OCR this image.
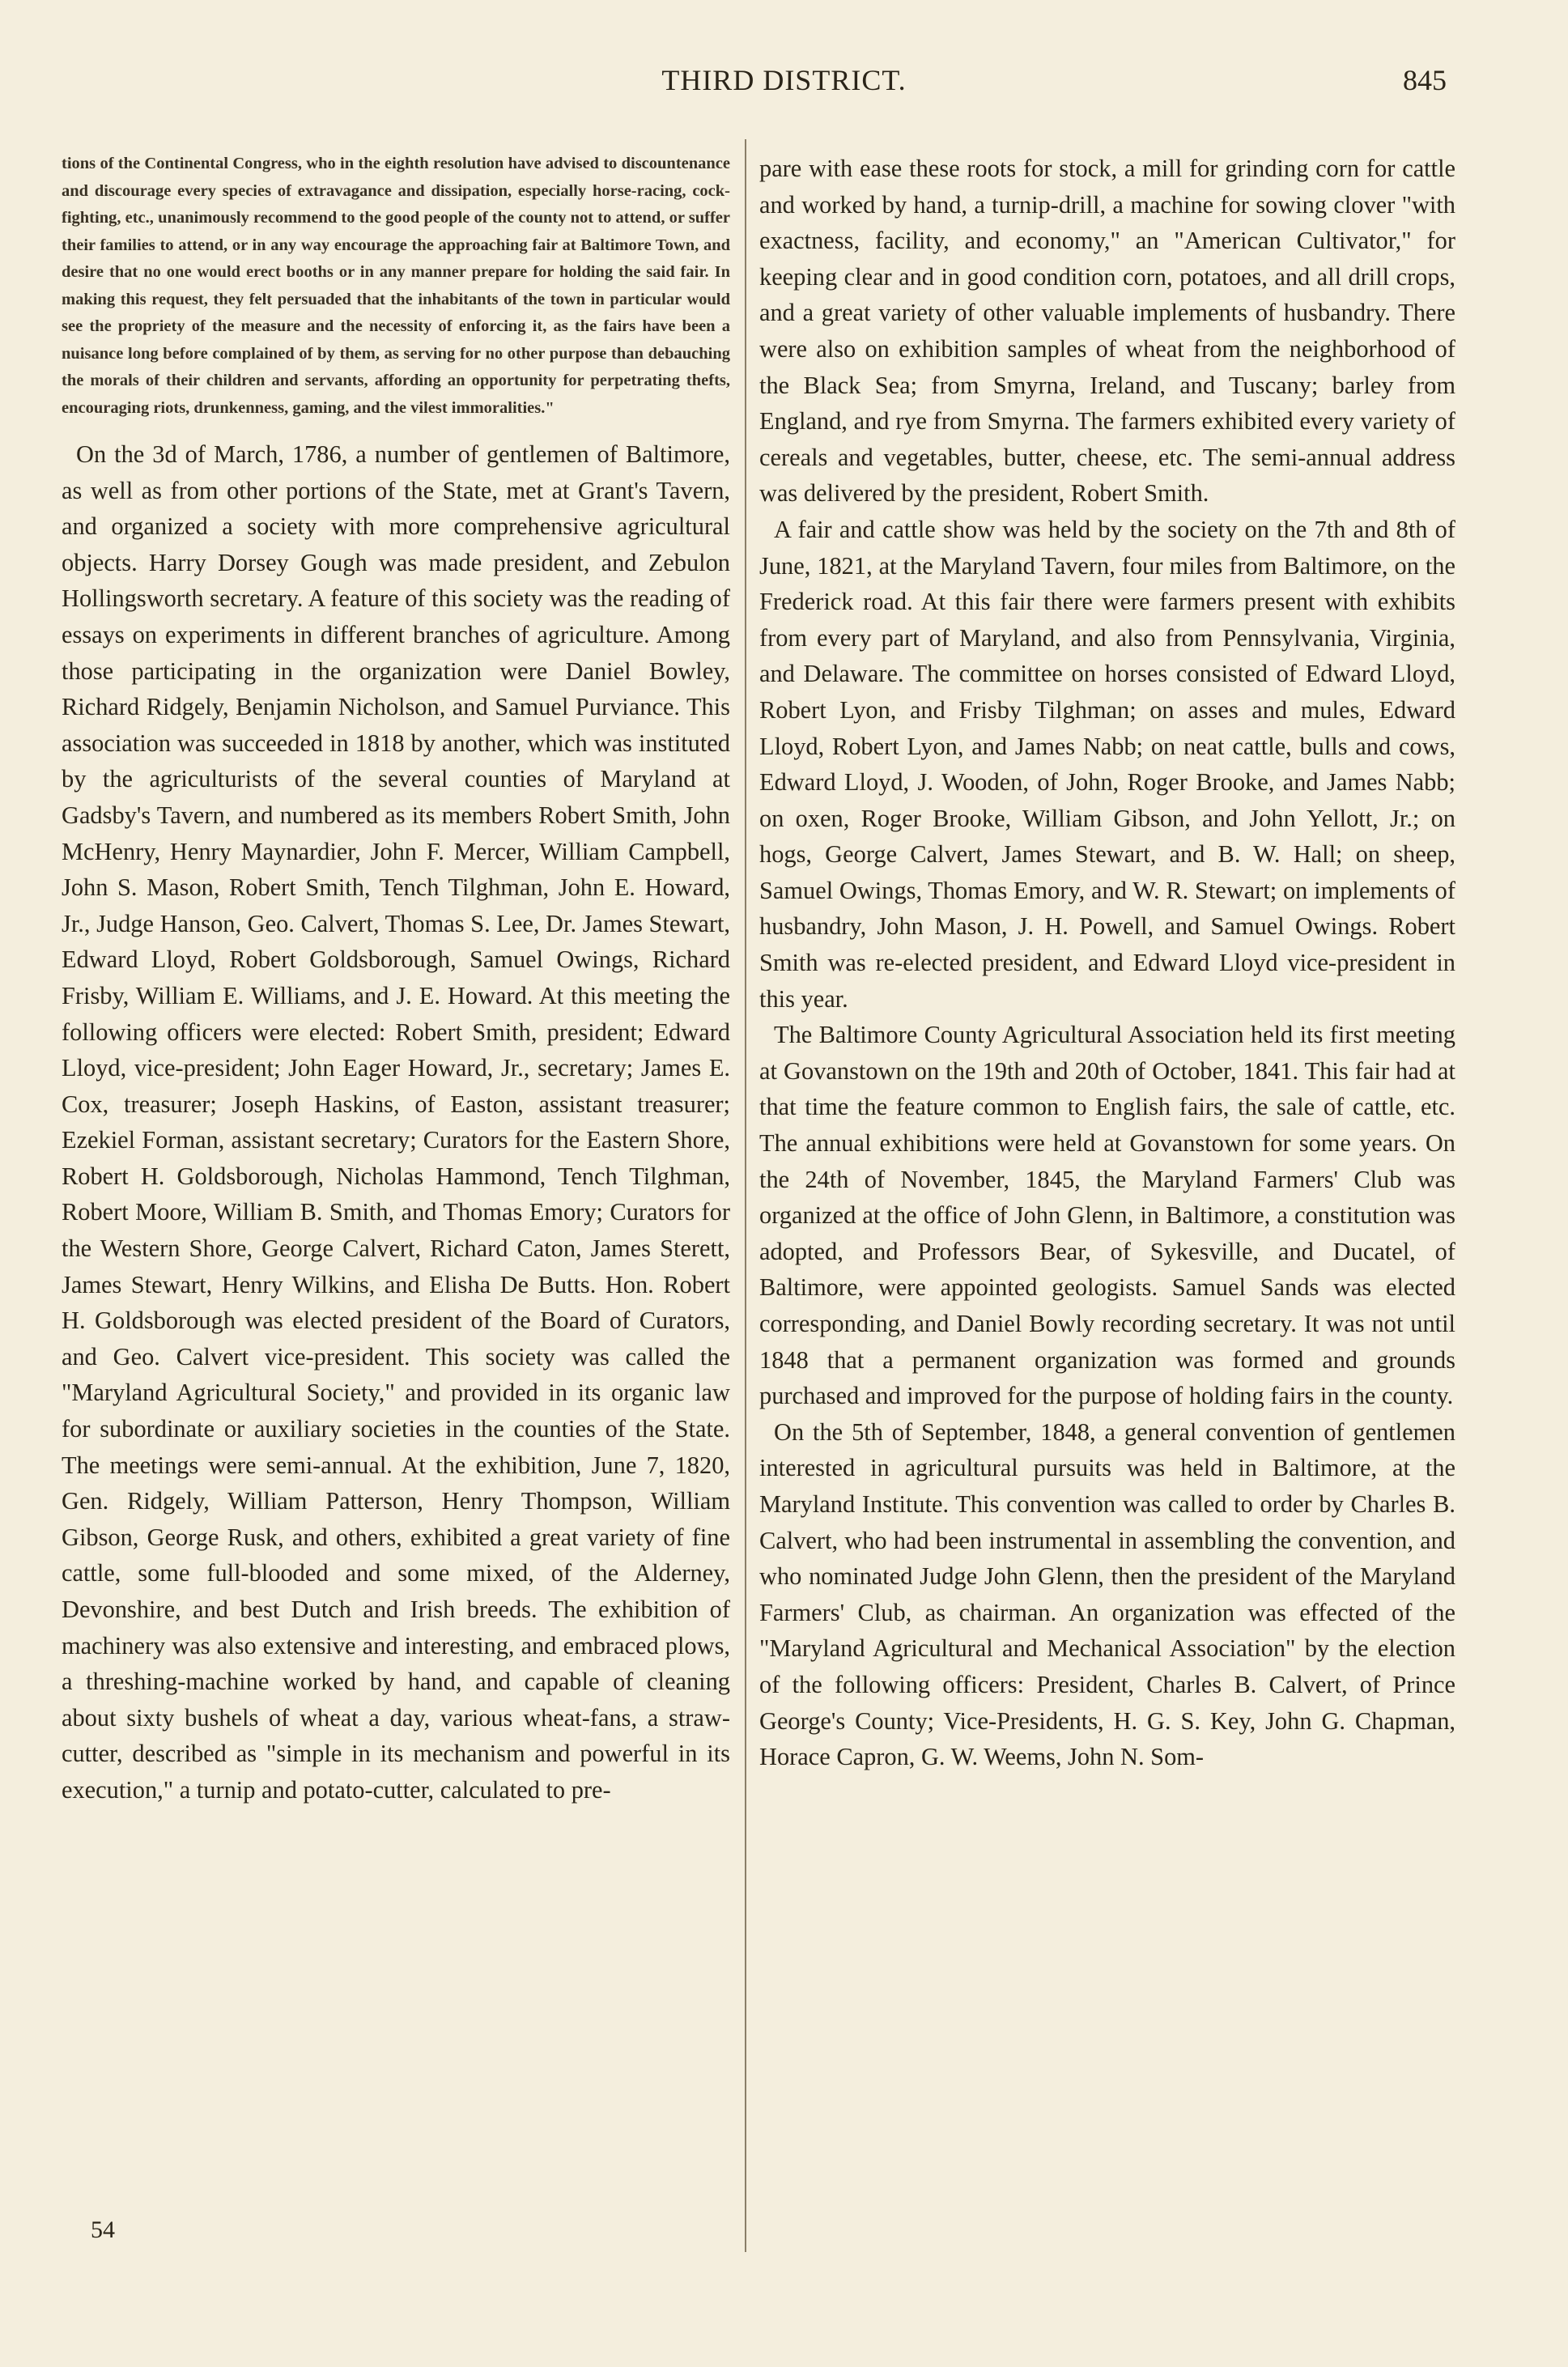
THIRD DISTRICT.	845

tions of the Continental Congress, who in the eighth resolution have advised to discountenance and discourage every species of extravagance and dissipation, especially horse-racing, cock-fighting, etc., unanimously recommend to the good people of the county not to attend, or suffer their families to attend, or in any way encourage the approaching fair at Baltimore Town, and desire that no one would erect booths or in any manner prepare for holding the said fair. In making this request, they felt persuaded that the inhabitants of the town in particular would see the propriety of the measure and the necessity of enforcing it, as the fairs have been a nuisance long before complained of by them, as serving for no other purpose than debauching the morals of their children and servants, affording an opportunity for perpetrating thefts, encouraging riots, drunkenness, gaming, and the vilest immoralities."

On the 3d of March, 1786, a number of gentlemen of Baltimore, as well as from other portions of the State, met at Grant's Tavern, and organized a society with more comprehensive agricultural objects. Harry Dorsey Gough was made president, and Zebulon Hollingsworth secretary. A feature of this society was the reading of essays on experiments in different branches of agriculture. Among those participating in the organization were Daniel Bowley, Richard Ridgely, Benjamin Nicholson, and Samuel Purviance. This association was succeeded in 1818 by another, which was instituted by the agriculturists of the several counties of Maryland at Gadsby's Tavern, and numbered as its members Robert Smith, John McHenry, Henry Maynardier, John F. Mercer, William Campbell, John S. Mason, Robert Smith, Tench Tilghman, John E. Howard, Jr., Judge Hanson, Geo. Calvert, Thomas S. Lee, Dr. James Stewart, Edward Lloyd, Robert Goldsborough, Samuel Owings, Richard Frisby, William E. Williams, and J. E. Howard. At this meeting the following officers were elected: Robert Smith, president; Edward Lloyd, vice-president; John Eager Howard, Jr., secretary; James E. Cox, treasurer; Joseph Haskins, of Easton, assistant treasurer; Ezekiel Forman, assistant secretary; Curators for the Eastern Shore, Robert H. Goldsborough, Nicholas Hammond, Tench Tilghman, Robert Moore, William B. Smith, and Thomas Emory; Curators for the Western Shore, George Calvert, Richard Caton, James Sterett, James Stewart, Henry Wilkins, and Elisha De Butts. Hon. Robert H. Goldsborough was elected president of the Board of Curators, and Geo. Calvert vice-president. This society was called the "Maryland Agricultural Society," and provided in its organic law for subordinate or auxiliary societies in the counties of the State. The meetings were semi-annual. At the exhibition, June 7, 1820, Gen. Ridgely, William Patterson, Henry Thompson, William Gibson, George Rusk, and others, exhibited a great variety of fine cattle, some full-blooded and some mixed, of the Alderney, Devonshire, and best Dutch and Irish breeds. The exhibition of machinery was also extensive and interesting, and embraced plows, a threshing-machine worked by hand, and capable of cleaning about sixty bushels of wheat a day, various wheat-fans, a straw-cutter, described as "simple in its mechanism and powerful in its execution," a turnip and potato-cutter, calculated to pre-

pare with ease these roots for stock, a mill for grinding corn for cattle and worked by hand, a turnip-drill, a machine for sowing clover "with exactness, facility, and economy," an "American Cultivator," for keeping clear and in good condition corn, potatoes, and all drill crops, and a great variety of other valuable implements of husbandry. There were also on exhibition samples of wheat from the neighborhood of the Black Sea; from Smyrna, Ireland, and Tuscany; barley from England, and rye from Smyrna. The farmers exhibited every variety of cereals and vegetables, butter, cheese, etc. The semi-annual address was delivered by the president, Robert Smith.

A fair and cattle show was held by the society on the 7th and 8th of June, 1821, at the Maryland Tavern, four miles from Baltimore, on the Frederick road. At this fair there were farmers present with exhibits from every part of Maryland, and also from Pennsylvania, Virginia, and Delaware. The committee on horses consisted of Edward Lloyd, Robert Lyon, and Frisby Tilghman; on asses and mules, Edward Lloyd, Robert Lyon, and James Nabb; on neat cattle, bulls and cows, Edward Lloyd, J. Wooden, of John, Roger Brooke, and James Nabb; on oxen, Roger Brooke, William Gibson, and John Yellott, Jr.; on hogs, George Calvert, James Stewart, and B. W. Hall; on sheep, Samuel Owings, Thomas Emory, and W. R. Stewart; on implements of husbandry, John Mason, J. H. Powell, and Samuel Owings. Robert Smith was re-elected president, and Edward Lloyd vice-president in this year.

The Baltimore County Agricultural Association held its first meeting at Govanstown on the 19th and 20th of October, 1841. This fair had at that time the feature common to English fairs, the sale of cattle, etc. The annual exhibitions were held at Govanstown for some years. On the 24th of November, 1845, the Maryland Farmers' Club was organized at the office of John Glenn, in Baltimore, a constitution was adopted, and Professors Bear, of Sykesville, and Ducatel, of Baltimore, were appointed geologists. Samuel Sands was elected corresponding, and Daniel Bowly recording secretary. It was not until 1848 that a permanent organization was formed and grounds purchased and improved for the purpose of holding fairs in the county.

On the 5th of September, 1848, a general convention of gentlemen interested in agricultural pursuits was held in Baltimore, at the Maryland Institute. This convention was called to order by Charles B. Calvert, who had been instrumental in assembling the convention, and who nominated Judge John Glenn, then the president of the Maryland Farmers' Club, as chairman. An organization was effected of the "Maryland Agricultural and Mechanical Association" by the election of the following officers: President, Charles B. Calvert, of Prince George's County; Vice-Presidents, H. G. S. Key, John G. Chapman, Horace Capron, G. W. Weems, John N. Som-

54
